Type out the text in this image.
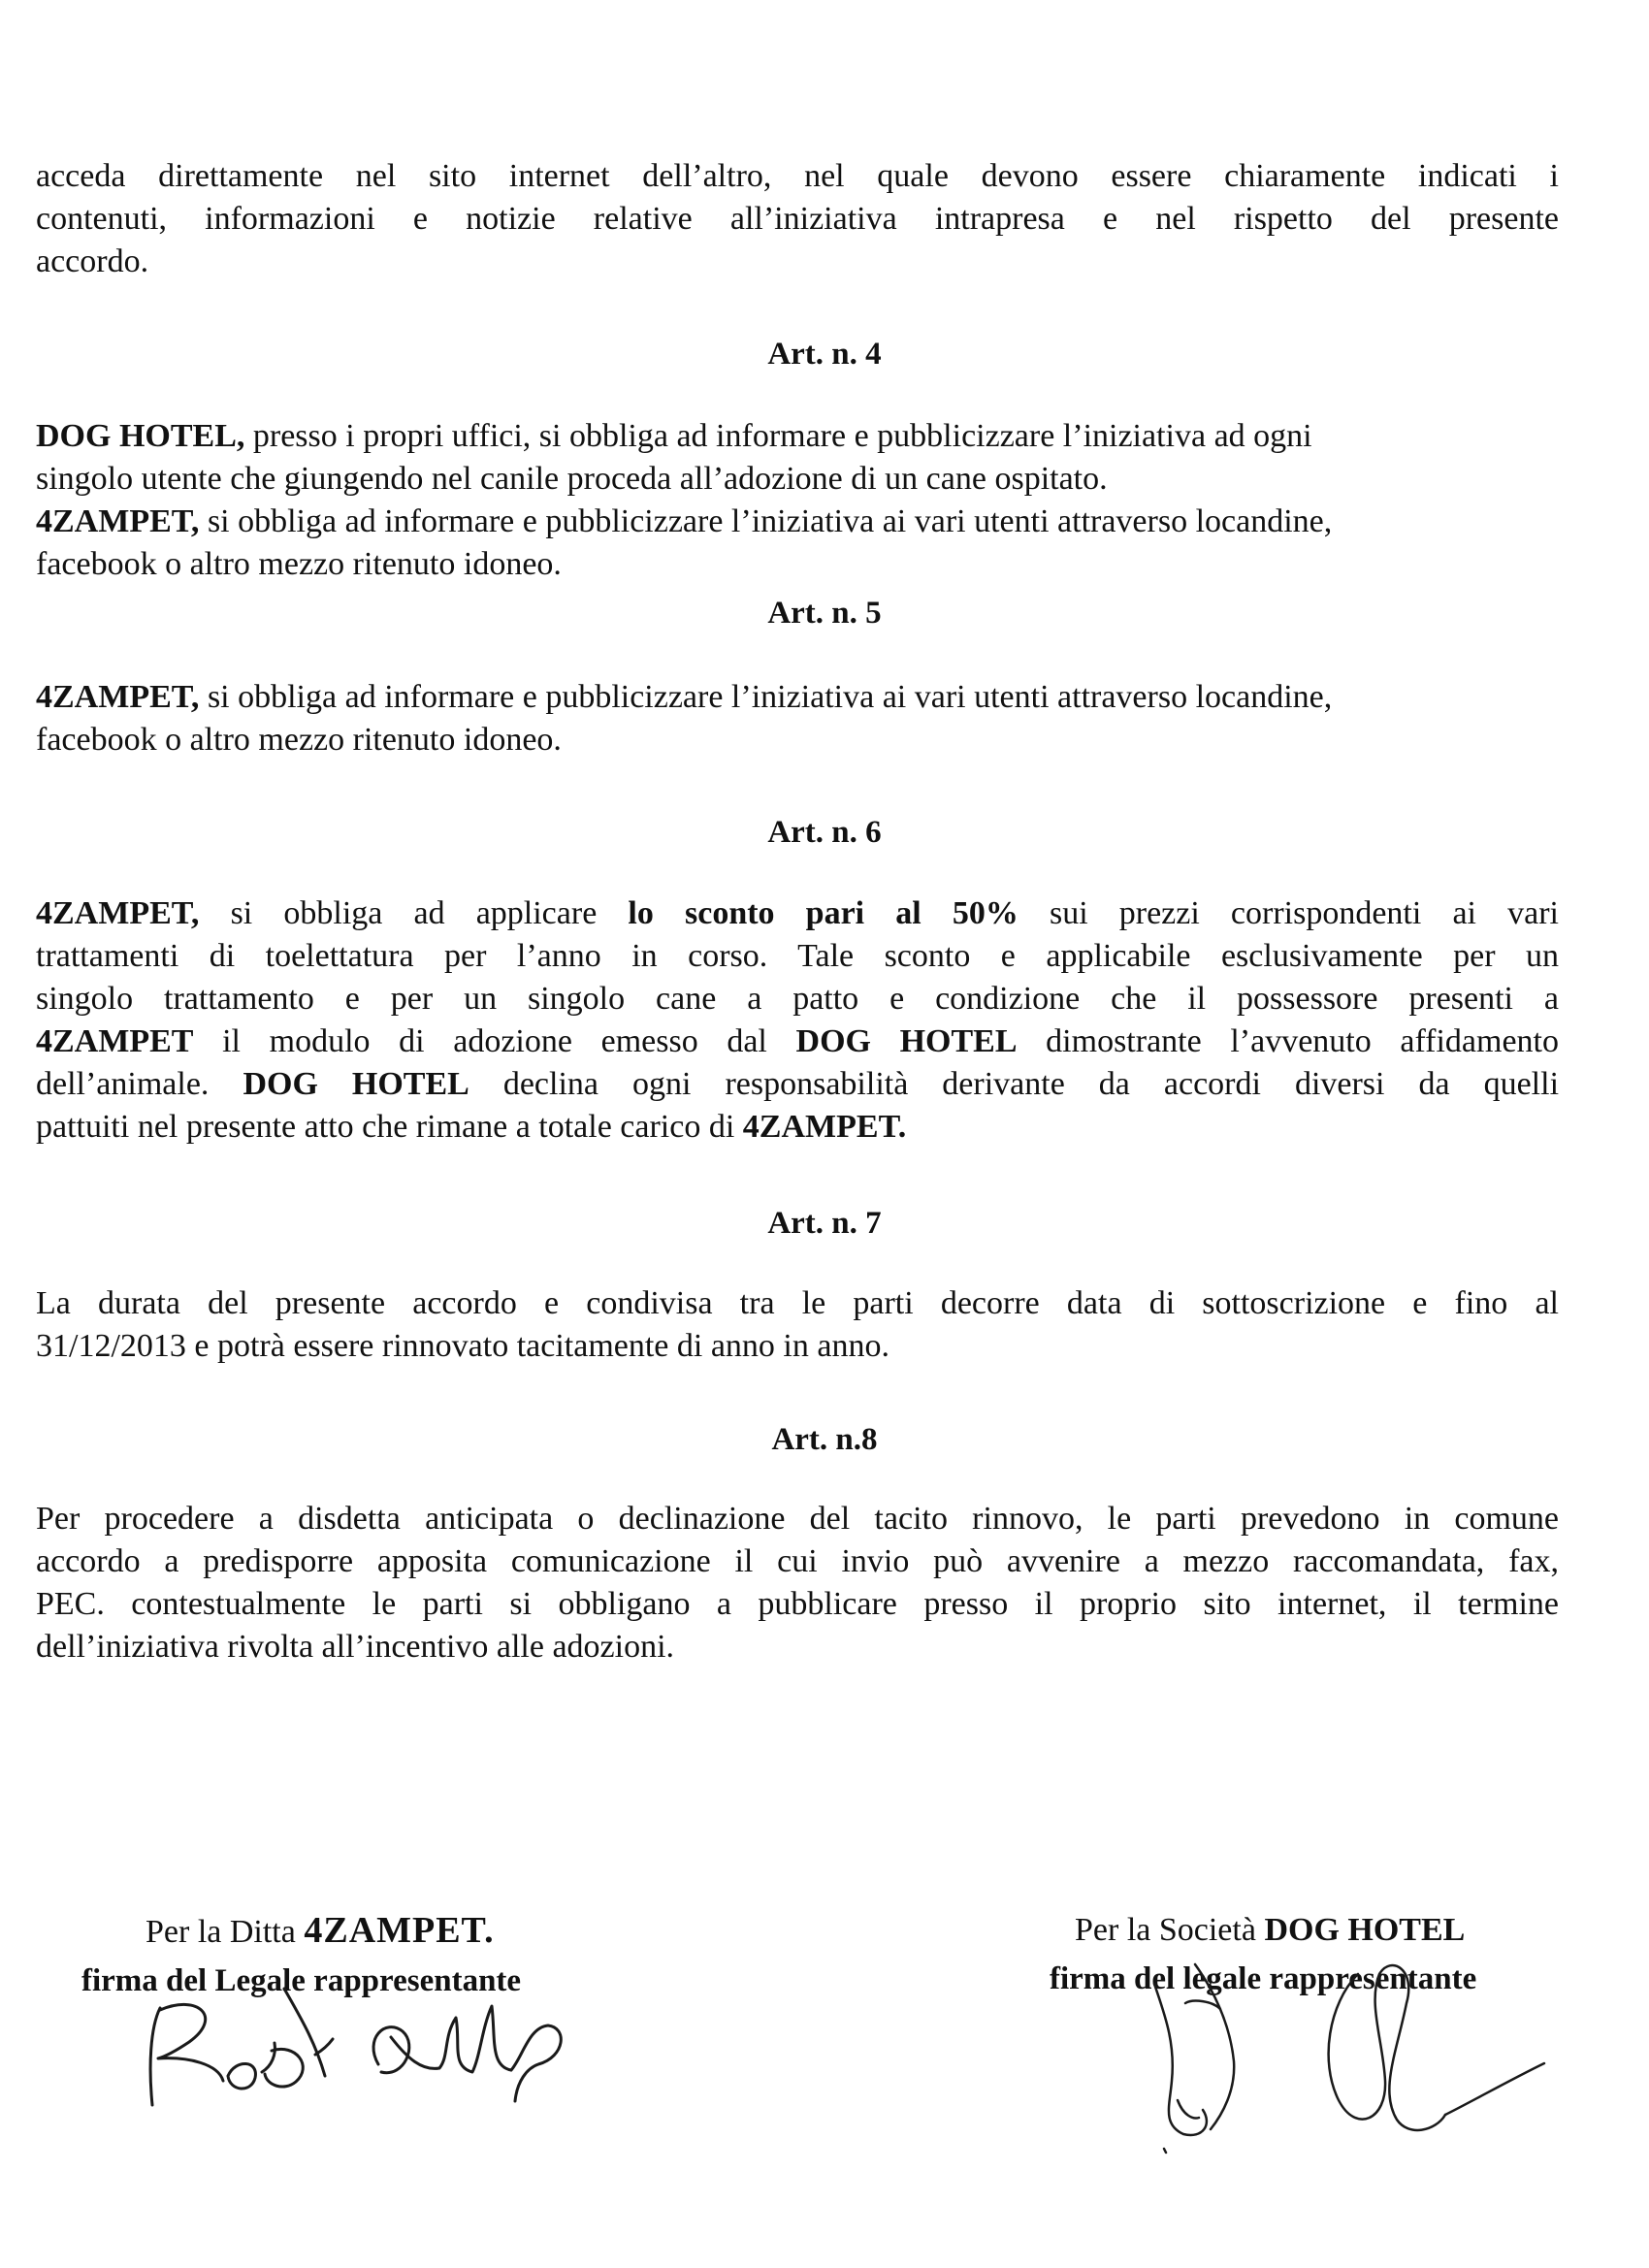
acceda direttamente nel sito internet dell’altro, nel quale devono essere chiaramente indicati i
contenuti, informazioni e notizie relative all’iniziativa intrapresa e nel rispetto del presente
accordo.
Art. n. 4
DOG HOTEL, presso i propri uffici, si obbliga ad informare e pubblicizzare l’iniziativa ad ogni
singolo utente che giungendo nel canile proceda all’adozione di un cane ospitato.
4ZAMPET, si obbliga ad informare e pubblicizzare l’iniziativa ai vari utenti attraverso locandine,
facebook o altro mezzo ritenuto idoneo.
Art. n. 5
4ZAMPET, si obbliga ad informare e pubblicizzare l’iniziativa ai vari utenti attraverso locandine,
facebook o altro mezzo ritenuto idoneo.
Art. n. 6
4ZAMPET, si obbliga ad applicare lo sconto pari al 50% sui prezzi corrispondenti ai vari
trattamenti di toelettatura per l’anno in corso. Tale sconto e applicabile esclusivamente per un
singolo trattamento e per un singolo cane a patto e condizione che il possessore presenti a
4ZAMPET il modulo di adozione emesso dal DOG HOTEL dimostrante l’avvenuto affidamento
dell’animale. DOG HOTEL declina ogni responsabilità derivante da accordi diversi da quelli
pattuiti nel presente atto che rimane a totale carico di 4ZAMPET.
Art. n. 7
La durata del presente accordo e condivisa tra le parti decorre data di sottoscrizione e fino al
31/12/2013 e potrà essere rinnovato tacitamente di anno in anno.
Art. n.8
Per procedere a disdetta anticipata o declinazione del tacito rinnovo, le parti prevedono in comune
accordo a predisporre apposita comunicazione il cui invio può avvenire a mezzo raccomandata, fax,
PEC. contestualmente le parti si obbligano a pubblicare presso il proprio sito internet, il termine
dell’iniziativa rivolta all’incentivo alle adozioni.
Per la Ditta 4ZAMPET.
firma del Legale rappresentante
Per la Società DOG HOTEL
firma del legale rappresentante
